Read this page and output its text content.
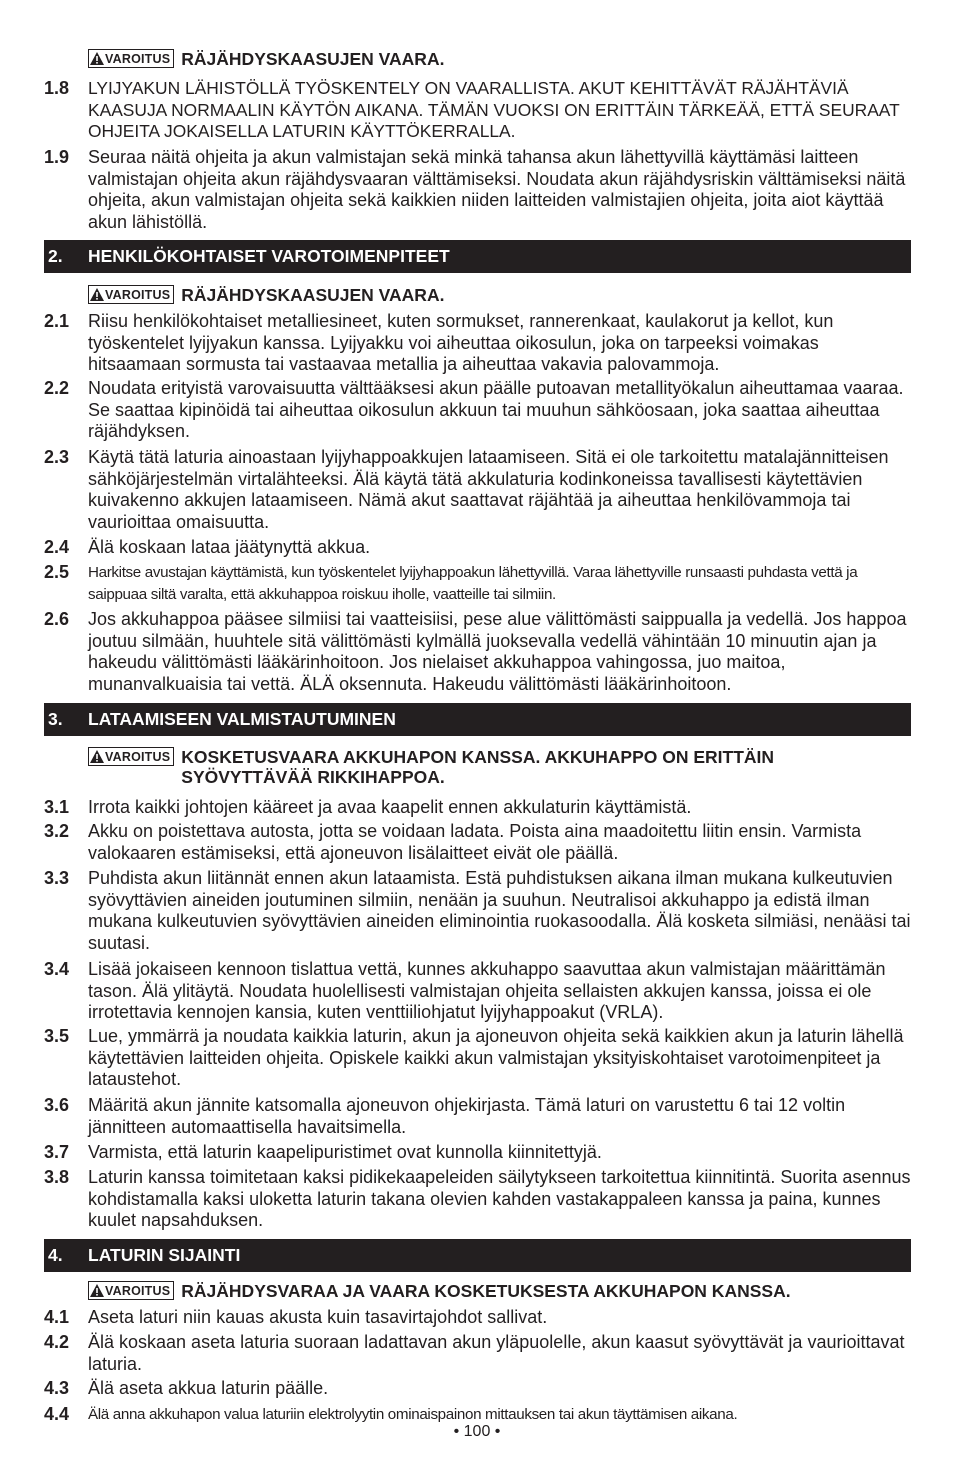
VAROITUS RÄJÄHDYSKAASUJEN VAARA.
1.8	LYIJYAKUN LÄHISTÖLLÄ TYÖSKENTELY ON VAARALLISTA. AKUT KEHITTÄVÄT RÄJÄHTÄVIÄ KAASUJA NORMAALIN KÄYTÖN AIKANA. TÄMÄN VUOKSI ON ERITTÄIN TÄRKEÄÄ, ETTÄ SEURAAT OHJEITA JOKAISELLA LATURIN KÄYTTÖKERRALLA.
1.9	Seuraa näitä ohjeita ja akun valmistajan sekä minkä tahansa akun lähettyvillä käyttämäsi laitteen valmistajan ohjeita akun räjähdysvaaran välttämiseksi. Noudata akun räjähdysriskin välttämiseksi näitä ohjeita, akun valmistajan ohjeita sekä kaikkien niiden laitteiden valmistajien ohjeita, joita aiot käyttää akun lähistöllä.
2.	HENKILÖKOHTAISET VAROTOIMENPITEET
VAROITUS RÄJÄHDYSKAASUJEN VAARA.
2.1	Riisu henkilökohtaiset metalliesineet, kuten sormukset, rannerenkaat, kaulakorut ja kellot, kun työskentelet lyijyakun kanssa. Lyijyakku voi aiheuttaa oikosulun, joka on tarpeeksi voimakas hitsaamaan sormusta tai vastaavaa metallia ja aiheuttaa vakavia palovammoja.
2.2	Noudata erityistä varovaisuutta välttääksesi akun päälle putoavan metallityökalun aiheuttamaa vaaraa. Se saattaa kipinöidä tai aiheuttaa oikosulun akkuun tai muuhun sähköosaan, joka saattaa aiheuttaa räjähdyksen.
2.3	Käytä tätä laturia ainoastaan lyijyhappoakkujen lataamiseen. Sitä ei ole tarkoitettu matalajännitteisen sähköjärjestelmän virtalähteeksi. Älä käytä tätä akkulaturia kodinkoneissa tavallisesti käytettävien kuivakenno akkujen lataamiseen. Nämä akut saattavat räjähtää ja aiheuttaa henkilövammoja tai vaurioittaa omaisuutta.
2.4	Älä koskaan lataa jäätynyttä akkua.
2.5	Harkitse avustajan käyttämistä, kun työskentelet lyijyhappoakun lähettyvillä. Varaa lähettyville runsaasti puhdasta vettä ja saippuaa siltä varalta, että akkuhappoa roiskuu iholle, vaatteille tai silmiin.
2.6	Jos akkuhappoa pääsee silmiisi tai vaatteisiisi, pese alue välittömästi saippualla ja vedellä. Jos happoa joutuu silmään, huuhtele sitä välittömästi kylmällä juoksevalla vedellä vähintään 10 minuutin ajan ja hakeudu välittömästi lääkärinhoitoon. Jos nielaiset akkuhappoa vahingossa, juo maitoa, munanvalkuaisia tai vettä. ÄLÄ oksennuta. Hakeudu välittömästi lääkärinhoitoon.
3.	LATAAMISEEN VALMISTAUTUMINEN
VAROITUS KOSKETUSVAARA AKKUHAPON KANSSA. AKKUHAPPO ON ERITTÄIN SYÖVYTTÄVÄÄ RIKKIHAPPOA.
3.1	Irrota kaikki johtojen kääreet ja avaa kaapelit ennen akkulaturin käyttämistä.
3.2	Akku on poistettava autosta, jotta se voidaan ladata. Poista aina maadoitettu liitin ensin. Varmista valokaaren estämiseksi, että ajoneuvon lisälaitteet eivät ole päällä.
3.3	Puhdista akun liitännät ennen akun lataamista. Estä puhdistuksen aikana ilman mukana kulkeutuvien syövyttävien aineiden joutuminen silmiin, nenään ja suuhun. Neutralisoi akkuhappo ja edistä ilman mukana kulkeutuvien syövyttävien aineiden eliminointia ruokasoodalla. Älä kosketa silmiäsi, nenääsi tai suutasi.
3.4	Lisää jokaiseen kennoon tislattua vettä, kunnes akkuhappo saavuttaa akun valmistajan määrittämän tason. Älä ylitäytä. Noudata huolellisesti valmistajan ohjeita sellaisten akkujen kanssa, joissa ei ole irrotettavia kennojen kansia, kuten venttiiliohjatut lyijyhappoakut (VRLA).
3.5	Lue, ymmärrä ja noudata kaikkia laturin, akun ja ajoneuvon ohjeita sekä kaikkien akun ja laturin lähellä käytettävien laitteiden ohjeita. Opiskele kaikki akun valmistajan yksityiskohtaiset varotoimenpiteet ja lataustehot.
3.6	Määritä akun jännite katsomalla ajoneuvon ohjekirjasta. Tämä laturi on varustettu 6 tai 12 voltin jännitteen automaattisella havaitsimella.
3.7	Varmista, että laturin kaapelipuristimet ovat kunnolla kiinnitettyjä.
3.8	Laturin kanssa toimitetaan kaksi pidikekaapeleiden säilytykseen tarkoitettua kiinnitintä. Suorita asennus kohdistamalla kaksi uloketta laturin takana olevien kahden vastakappaleen kanssa ja paina, kunnes kuulet napsahduksen.
4.	LATURIN SIJAINTI
VAROITUS RÄJÄHDYSVARAA JA VAARA KOSKETUKSESTA AKKUHAPON KANSSA.
4.1	Aseta laturi niin kauas akusta kuin tasavirtajohdot sallivat.
4.2	Älä koskaan aseta laturia suoraan ladattavan akun yläpuolelle, akun kaasut syövyttävät ja vaurioittavat laturia.
4.3	Älä aseta akkua laturin päälle.
4.4	Älä anna akkuhapon valua laturiin elektrolyytin ominaispainon mittauksen tai akun täyttämisen aikana.
• 100 •
